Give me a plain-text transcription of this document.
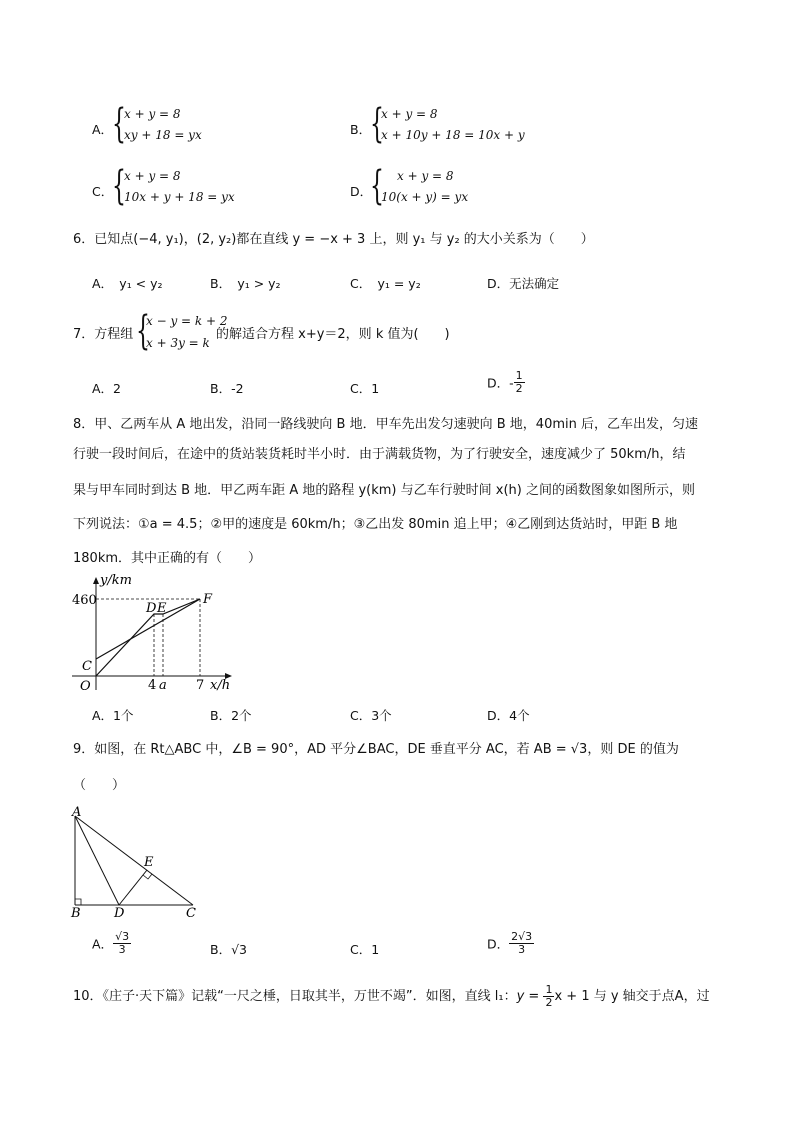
A．
{
x + y = 8
xy + 18 = yx	B．
{
x + y = 8
x + 10y + 18 = 10x + y
C．
{
x + y = 8
10x + y + 18 = yx	D．
{ x + y = 8
10(x + y) = yx
6．已知点(−4, y₁)，(2, y₂)都在直线 y = −x + 3 上，则 y₁ 与 y₂ 的大小关系为（　　）
A．　y₁ < y₂	B．　y₁ > y₂	C．　y₁ = y₂	D．无法确定
7．方程组 {
x − y = k + 2
x + 3y = k
的解适合方程 x+y＝2，则 k 值为(　　)
A．2	B．-2	C．1	D．- $\frac{1}{2}$
8．甲、乙两车从 A 地出发，沿同一路线驶向 B 地．甲车先出发匀速驶向 B 地，40min 后，乙车出发，匀速
行驶一段时间后，在途中的货站装货耗时半小时．由于满载货物，为了行驶安全，速度减少了 50km/h，结
果与甲车同时到达 B 地．甲乙两车距 A 地的路程 y(km) 与乙车行驶时间 x(h) 之间的函数图象如图所示，则
下列说法：①a = 4.5；②甲的速度是 60km/h；③乙出发 80min 追上甲；④乙刚到达货站时，甲距 B 地
180km．其中正确的有（　　）
y/km
460
C
O
D E
F
4 a 7 x/h
A．1个	B．2个	C．3个	D．4个
9．如图，在 Rt△ABC 中，∠B = 90°，AD 平分∠BAC，DE 垂直平分 AC，若 AB = √3，则 DE 的值为
（　　）
A
B	D	C
E
A． $\frac{√3}{3}$	B．√3	C．1	D． $\frac{2√3}{3}$
10．《庄子·天下篇》记载“一尺之棰，日取其半，万世不竭”．如图，直线 l₁：$y = \frac{1}{2}$ x + 1 与 y 轴交于点A，过
